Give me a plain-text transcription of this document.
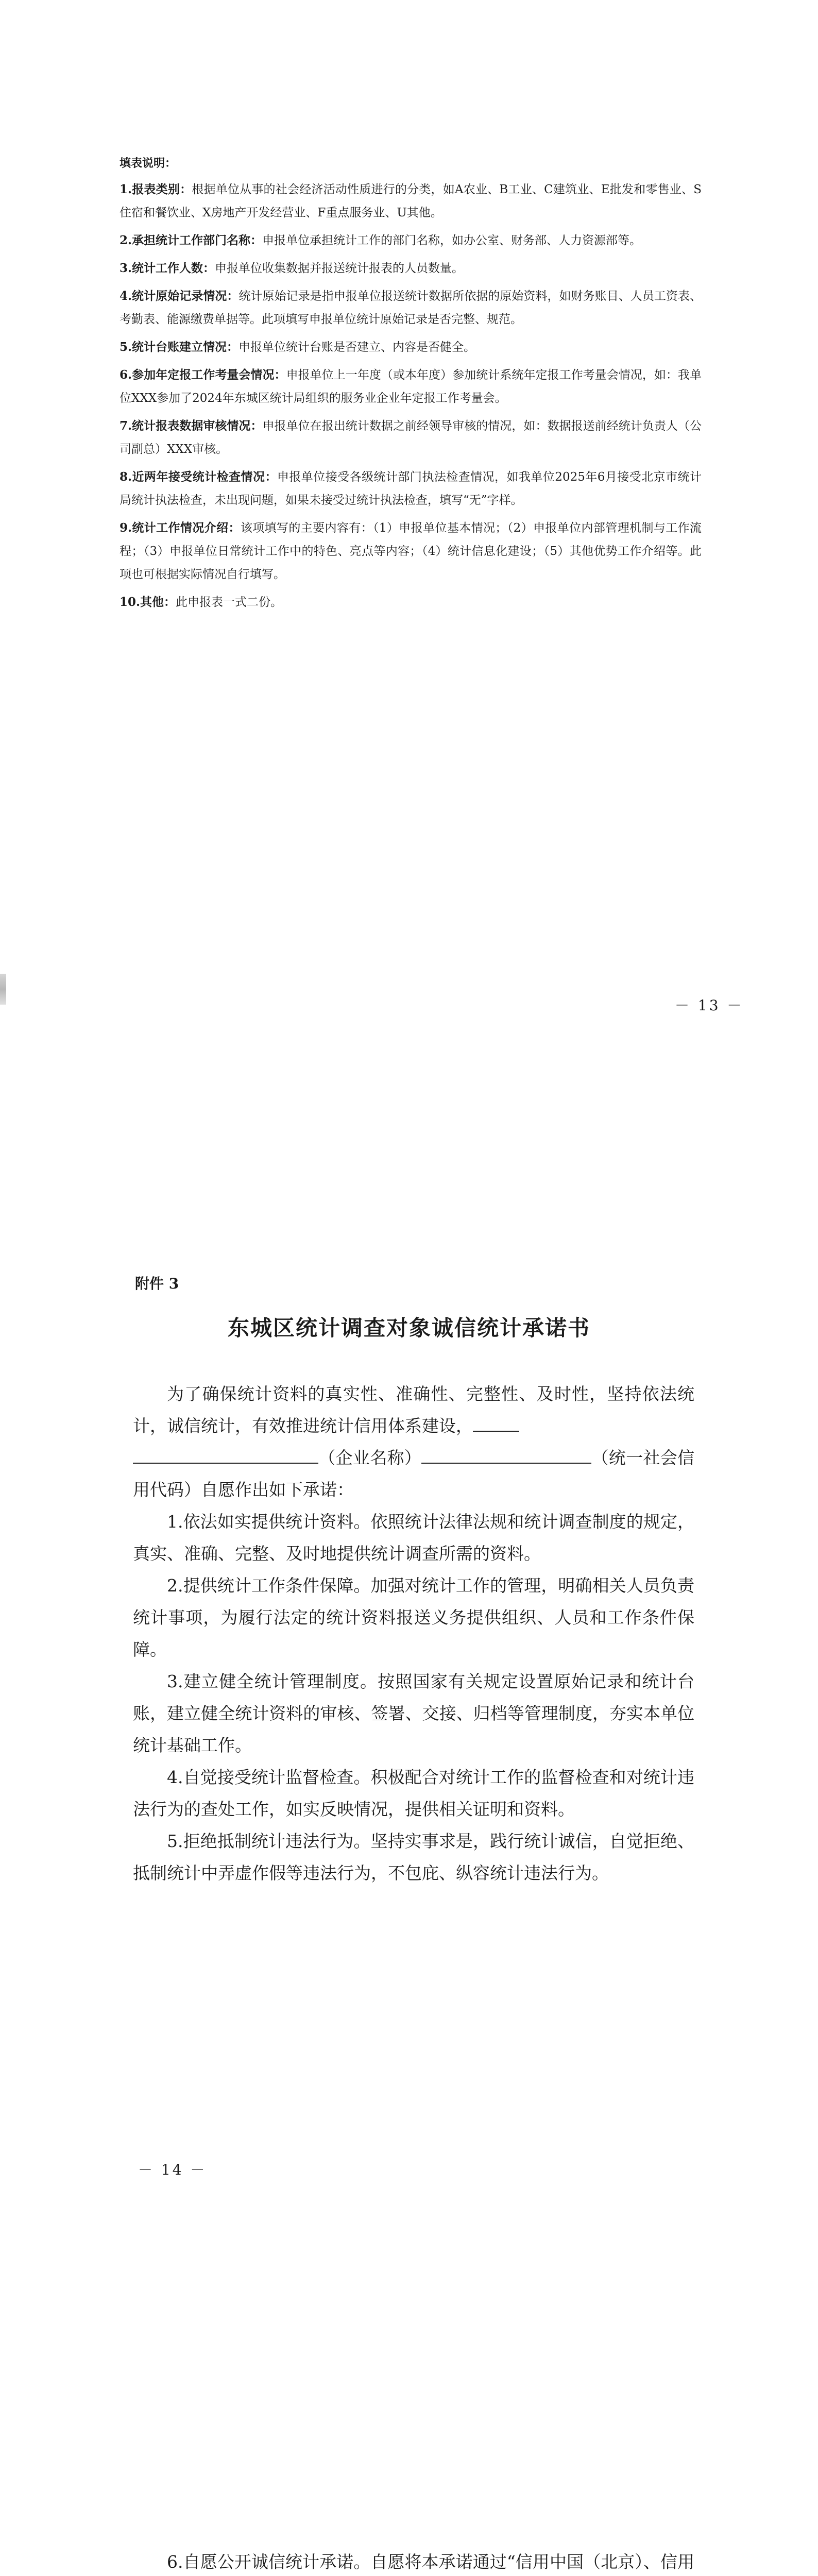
填表说明：
1.报表类别：根据单位从事的社会经济活动性质进行的分类，如A农业、B工业、C建筑业、E批发和零售业、S住宿和餐饮业、X房地产开发经营业、F重点服务业、U其他。
2.承担统计工作部门名称：申报单位承担统计工作的部门名称，如办公室、财务部、人力资源部等。
3.统计工作人数：申报单位收集数据并报送统计报表的人员数量。
4.统计原始记录情况：统计原始记录是指申报单位报送统计数据所依据的原始资料，如财务账目、人员工资表、考勤表、能源缴费单据等。此项填写申报单位统计原始记录是否完整、规范。
5.统计台账建立情况：申报单位统计台账是否建立、内容是否健全。
6.参加年定报工作考量会情况：申报单位上一年度（或本年度）参加统计系统年定报工作考量会情况，如：我单位XXX参加了2024年东城区统计局组织的服务业企业年定报工作考量会。
7.统计报表数据审核情况：申报单位在报出统计数据之前经领导审核的情况，如：数据报送前经统计负责人（公司副总）XXX审核。
8.近两年接受统计检查情况：申报单位接受各级统计部门执法检查情况，如我单位2025年6月接受北京市统计局统计执法检查，未出现问题，如果未接受过统计执法检查，填写“无”字样。
9.统计工作情况介绍：该项填写的主要内容有：（1）申报单位基本情况；（2）申报单位内部管理机制与工作流程；（3）申报单位日常统计工作中的特色、亮点等内容；（4）统计信息化建设；（5）其他优势工作介绍等。此项也可根据实际情况自行填写。
10.其他：此申报表一式二份。
－ 13 －
附件 3
东城区统计调查对象诚信统计承诺书

为了确保统计资料的真实性、准确性、完整性、及时性，坚持依法统计，诚信统计，有效推进统计信用体系建设，
（企业名称）	（统一社会信用代码）自愿作出如下承诺：

1.依法如实提供统计资料。依照统计法律法规和统计调查制度的规定，真实、准确、完整、及时地提供统计调查所需的资料。

2.提供统计工作条件保障。加强对统计工作的管理，明确相关人员负责统计事项，为履行法定的统计资料报送义务提供组织、人员和工作条件保障。

3.建立健全统计管理制度。按照国家有关规定设置原始记录和统计台账，建立健全统计资料的审核、签署、交接、归档等管理制度，夯实本单位统计基础工作。

4.自觉接受统计监督检查。积极配合对统计工作的监督检查和对统计违法行为的查处工作，如实反映情况，提供相关证明和资料。

5.拒绝抵制统计违法行为。坚持实事求是，践行统计诚信，自觉拒绝、抵制统计中弄虚作假等违法行为，不包庇、纵容统计违法行为。

－ 14 －

6.自愿公开诚信统计承诺。自愿将本承诺通过“信用中国（北京）、信用
